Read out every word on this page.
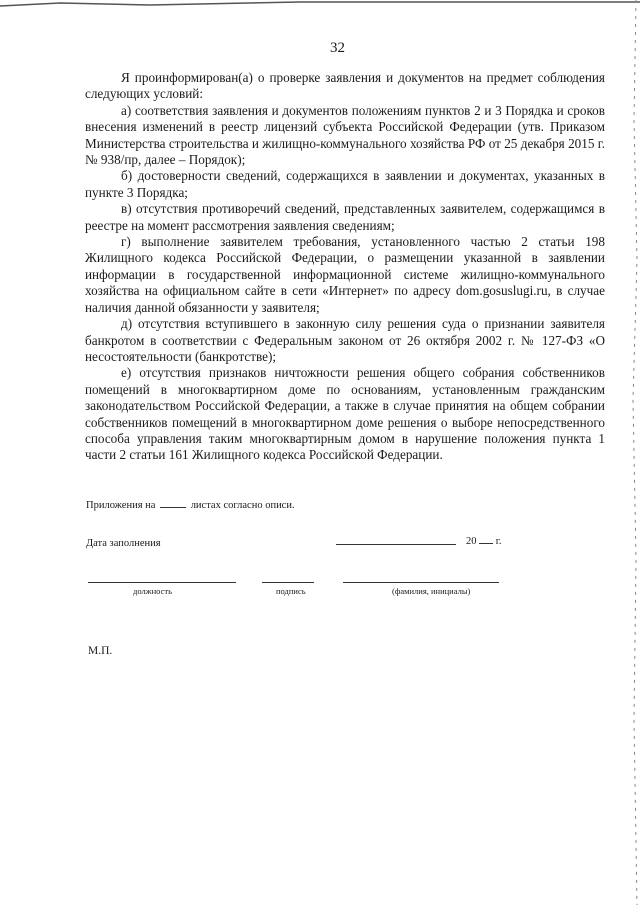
32

Я проинформирован(а) о проверке заявления и документов на предмет соблюдения следующих условий:

а) соответствия заявления и документов положениям пунктов 2 и 3 Порядка и сроков внесения изменений в реестр лицензий субъекта Российской Федерации (утв. Приказом Министерства строительства и жилищно-коммунального хозяйства РФ от 25 декабря 2015 г. № 938/пр, далее – Порядок);

б) достоверности сведений, содержащихся в заявлении и документах, указанных в пункте 3 Порядка;

в) отсутствия противоречий сведений, представленных заявителем, содержащимся в реестре на момент рассмотрения заявления сведениям;

г) выполнение заявителем требования, установленного частью 2 статьи 198 Жилищного кодекса Российской Федерации, о размещении указанной в заявлении информации в государственной информационной системе жилищно-коммунального хозяйства на официальном сайте в сети «Интернет» по адресу dom.gosuslugi.ru, в случае наличия данной обязанности у заявителя;

д) отсутствия вступившего в законную силу решения суда о признании заявителя банкротом в соответствии с Федеральным законом от 26 октября 2002 г. № 127-ФЗ «О несостоятельности (банкротстве);

е) отсутствия признаков ничтожности решения общего собрания собственников помещений в многоквартирном доме по основаниям, установленным гражданским законодательством Российской Федерации, а также в случае принятия на общем собрании собственников помещений в многоквартирном доме решения о выборе непосредственного способа управления таким многоквартирным домом в нарушение положения пункта 1 части 2 статьи 161 Жилищного кодекса Российской Федерации.

Приложения на	листах согласно описи.
Дата заполнения	20 г.
должность	подпись	(фамилия, инициалы)
М.П.
